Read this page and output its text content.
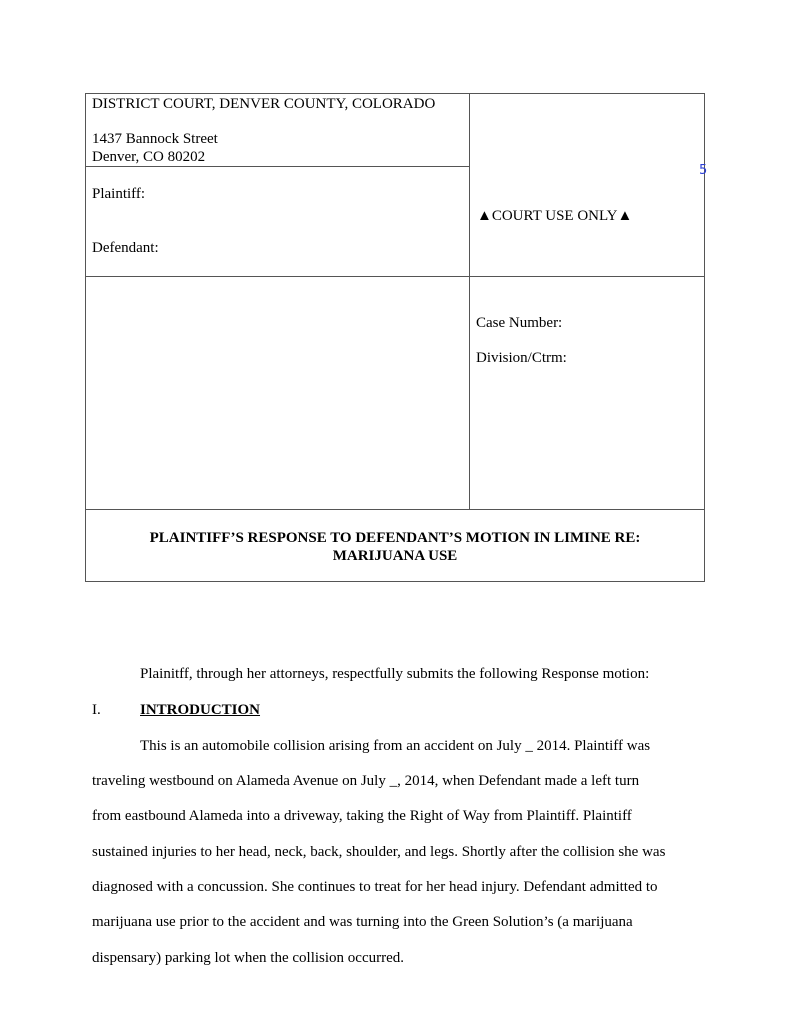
DISTRICT COURT, DENVER COUNTY, COLORADO
1437 Bannock Street
Denver, CO 80202
Plaintiff:
Defendant:
▲COURT USE ONLY▲
Case Number:
Division/Ctrm:
PLAINTIFF’S RESPONSE TO DEFENDANT’S MOTION IN LIMINE RE:
MARIJUANA USE
5
Plainitff, through her attorneys, respectfully submits the following Response motion:
I.	INTRODUCTION
This is an automobile collision arising from an accident on July _ 2014. Plaintiff was
traveling westbound on Alameda Avenue on July _, 2014, when Defendant made a left turn
from eastbound Alameda into a driveway, taking the Right of Way from Plaintiff. Plaintiff
sustained injuries to her head, neck, back, shoulder, and legs. Shortly after the collision she was
diagnosed with a concussion. She continues to treat for her head injury. Defendant admitted to
marijuana use prior to the accident and was turning into the Green Solution’s (a marijuana
dispensary) parking lot when the collision occurred.
